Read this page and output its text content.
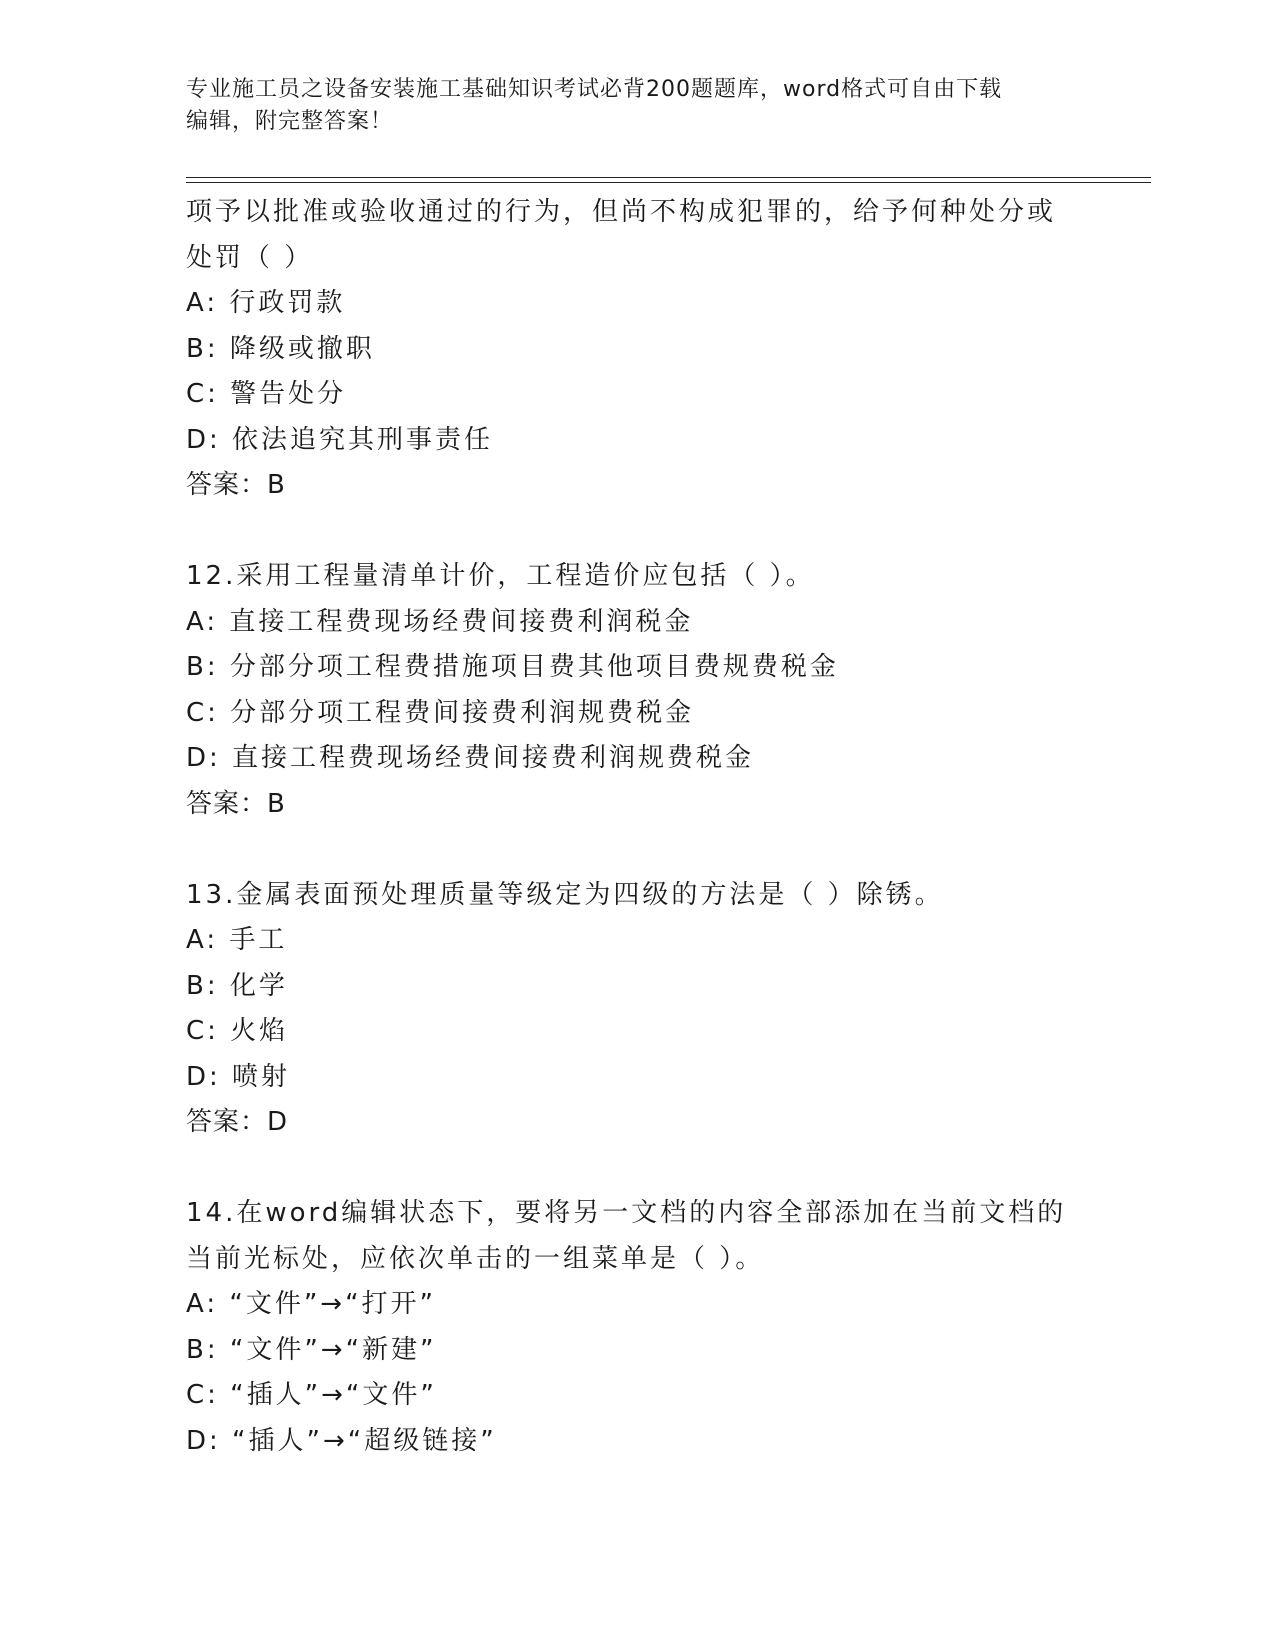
专业施工员之设备安装施工基础知识考试必背200题题库，word格式可自由下载
编辑，附完整答案！
项予以批准或验收通过的行为，但尚不构成犯罪的，给予何种处分或
处罚（ ）
A: 行政罚款
B: 降级或撤职
C: 警告处分
D: 依法追究其刑事责任
答案：B
12.采用工程量清单计价，工程造价应包括（ ）。
A: 直接工程费现场经费间接费利润税金
B: 分部分项工程费措施项目费其他项目费规费税金
C: 分部分项工程费间接费利润规费税金
D: 直接工程费现场经费间接费利润规费税金
答案：B
13.金属表面预处理质量等级定为四级的方法是（ ）除锈。
A: 手工
B: 化学
C: 火焰
D: 喷射
答案：D
14.在word编辑状态下，要将另一文档的内容全部添加在当前文档的
当前光标处，应依次单击的一组菜单是（ ）。
A: “文件”→“打开”
B: “文件”→“新建”
C: “插人”→“文件”
D: “插人”→“超级链接”
